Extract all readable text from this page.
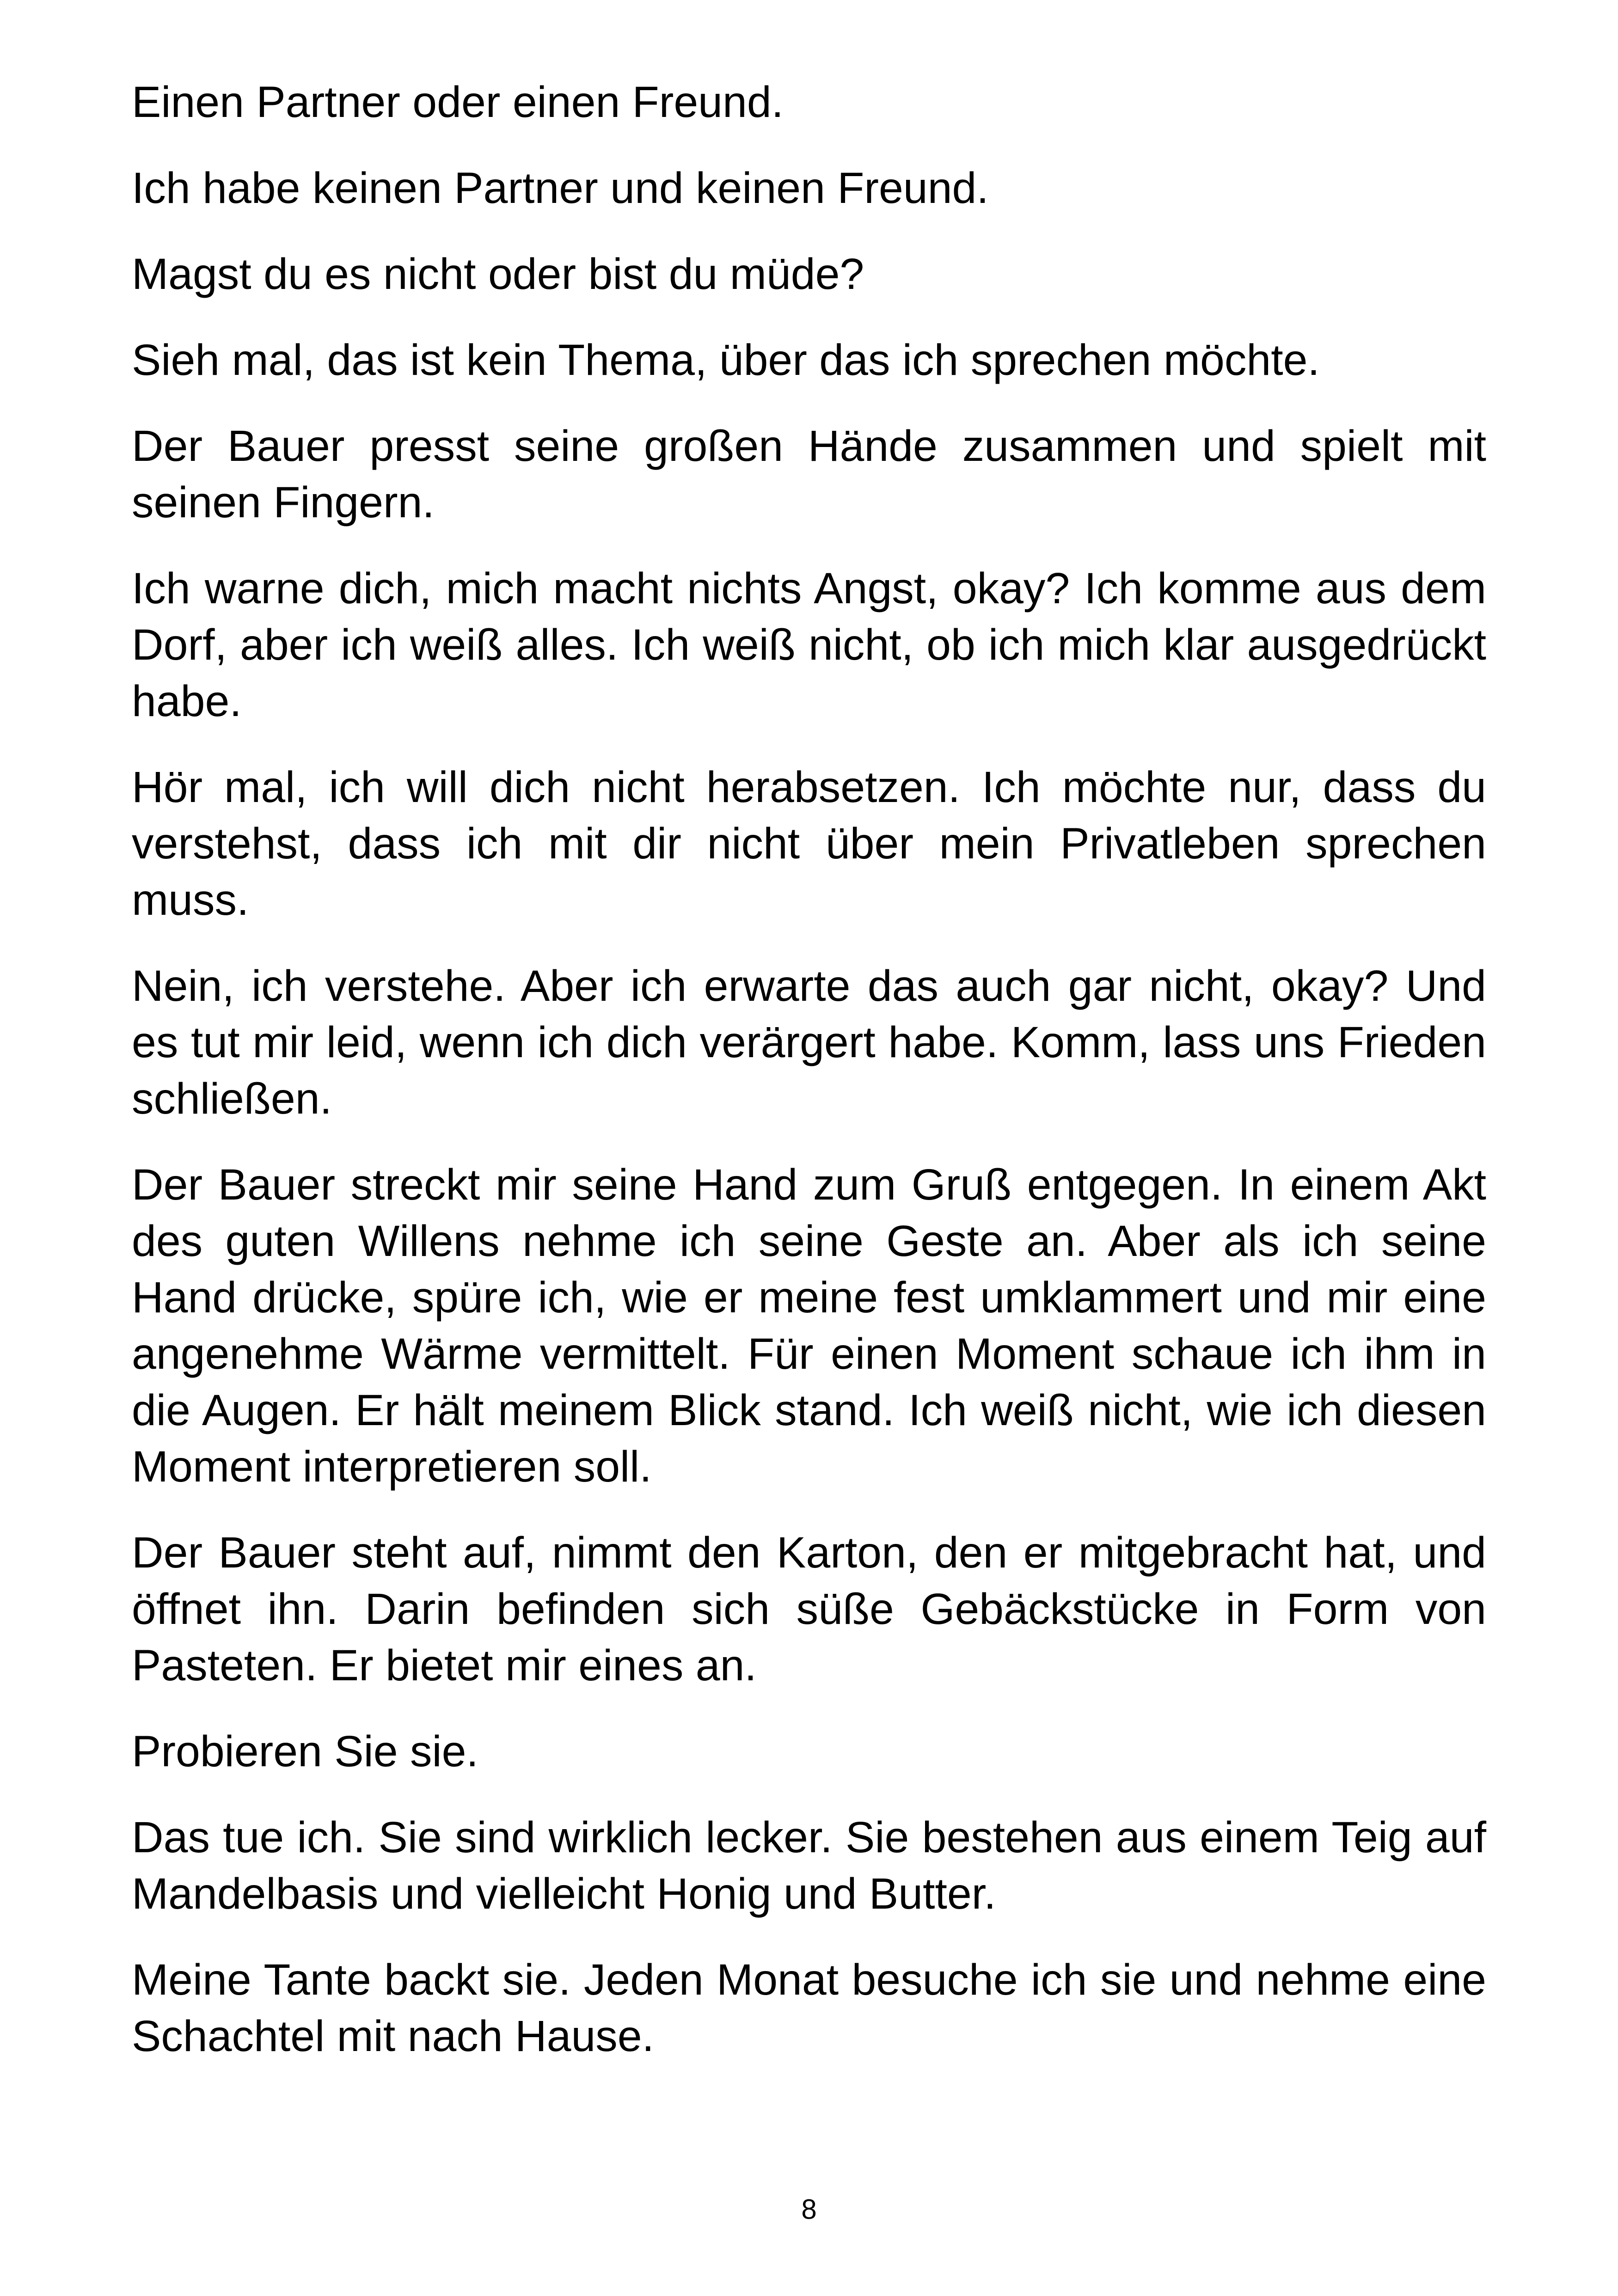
Einen Partner oder einen Freund.

Ich habe keinen Partner und keinen Freund.

Magst du es nicht oder bist du müde?

Sieh mal, das ist kein Thema, über das ich sprechen möchte.

Der Bauer presst seine großen Hände zusammen und spielt mit seinen Fingern.

Ich warne dich, mich macht nichts Angst, okay? Ich komme aus dem Dorf, aber ich weiß alles. Ich weiß nicht, ob ich mich klar ausgedrückt habe.

Hör mal, ich will dich nicht herabsetzen. Ich möchte nur, dass du verstehst, dass ich mit dir nicht über mein Privatleben sprechen muss.

Nein, ich verstehe. Aber ich erwarte das auch gar nicht, okay? Und es tut mir leid, wenn ich dich verärgert habe. Komm, lass uns Frieden schließen.

Der Bauer streckt mir seine Hand zum Gruß entgegen. In einem Akt des guten Willens nehme ich seine Geste an. Aber als ich seine Hand drücke, spüre ich, wie er meine fest umklammert und mir eine angenehme Wärme vermittelt. Für einen Moment schaue ich ihm in die Augen. Er hält meinem Blick stand. Ich weiß nicht, wie ich diesen Moment interpretieren soll.

Der Bauer steht auf, nimmt den Karton, den er mitgebracht hat, und öffnet ihn. Darin befinden sich süße Gebäckstücke in Form von Pasteten. Er bietet mir eines an.

Probieren Sie sie.

Das tue ich. Sie sind wirklich lecker. Sie bestehen aus einem Teig auf Mandelbasis und vielleicht Honig und Butter.

Meine Tante backt sie. Jeden Monat besuche ich sie und nehme eine Schachtel mit nach Hause.

8
